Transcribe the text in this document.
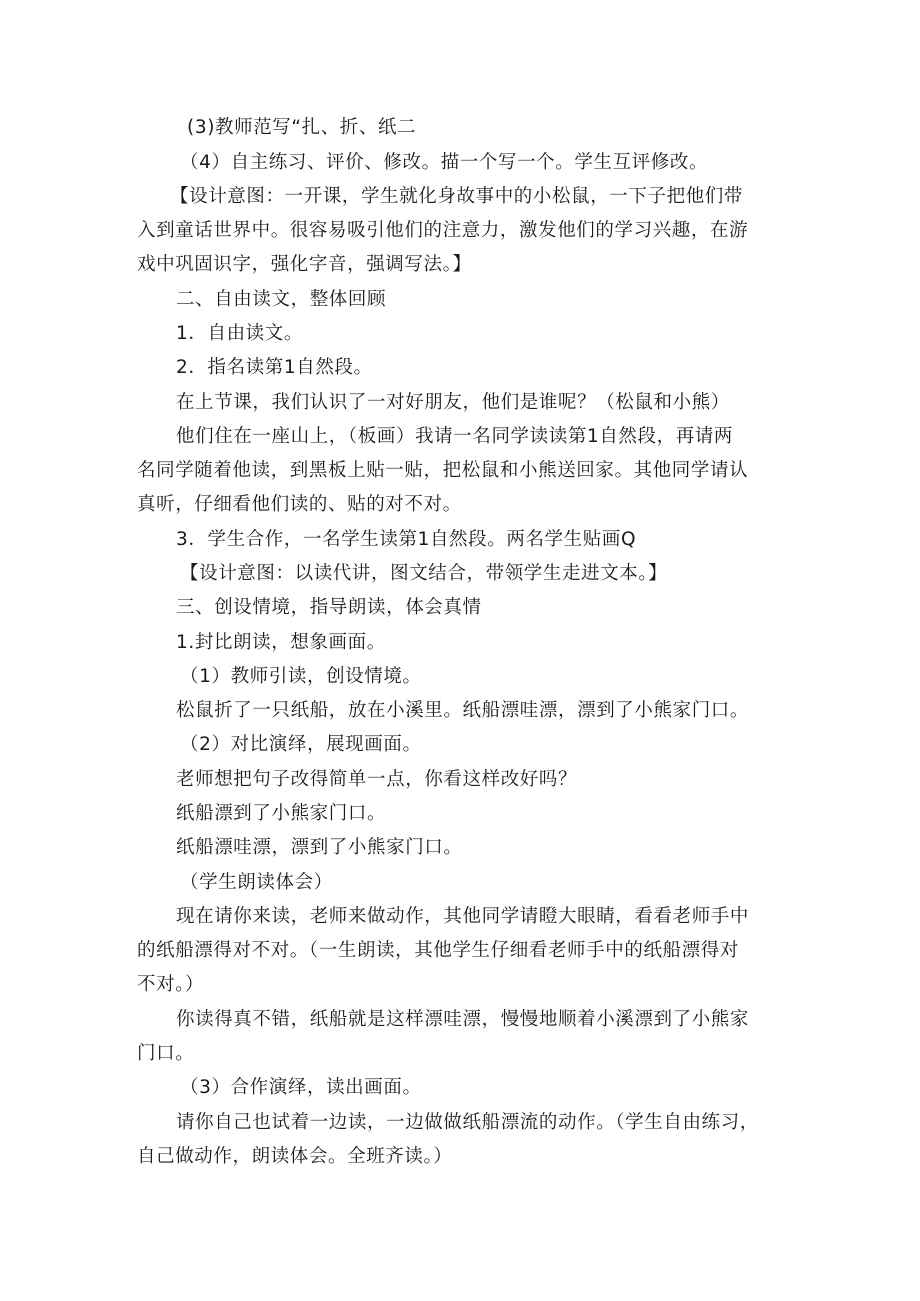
(3)教师范写“扎、折、纸二
（4）自主练习、评价、修改。描一个写一个。学生互评修改。
【设计意图：一开课，学生就化身故事中的小松鼠，一下子把他们带
入到童话世界中。很容易吸引他们的注意力，激发他们的学习兴趣，在游
戏中巩固识字，强化字音，强调写法。】
二、自由读文，整体回顾
1．自由读文。
2．指名读第1自然段。
在上节课，我们认识了一对好朋友，他们是谁呢？（松鼠和小熊）
他们住在一座山上，（板画）我请一名同学读读第1自然段，再请两
名同学随着他读，到黑板上贴一贴，把松鼠和小熊送回家。其他同学请认
真听，仔细看他们读的、贴的对不对。
3．学生合作，一名学生读第1自然段。两名学生贴画Q
【设计意图：以读代讲，图文结合，带领学生走进文本。】
三、创设情境，指导朗读，体会真情
1.封比朗读，想象画面。
（1）教师引读，创设情境。
松鼠折了一只纸船，放在小溪里。纸船漂哇漂，漂到了小熊家门口。
（2）对比演绎，展现画面。
老师想把句子改得简单一点，你看这样改好吗？
纸船漂到了小熊家门口。
纸船漂哇漂，漂到了小熊家门口。
（学生朗读体会）
现在请你来读，老师来做动作，其他同学请瞪大眼睛，看看老师手中
的纸船漂得对不对。（一生朗读，其他学生仔细看老师手中的纸船漂得对
不对。）
你读得真不错，纸船就是这样漂哇漂，慢慢地顺着小溪漂到了小熊家
门口。
（3）合作演绎，读出画面。
请你自己也试着一边读，一边做做纸船漂流的动作。（学生自由练习，
自己做动作，朗读体会。全班齐读。）
